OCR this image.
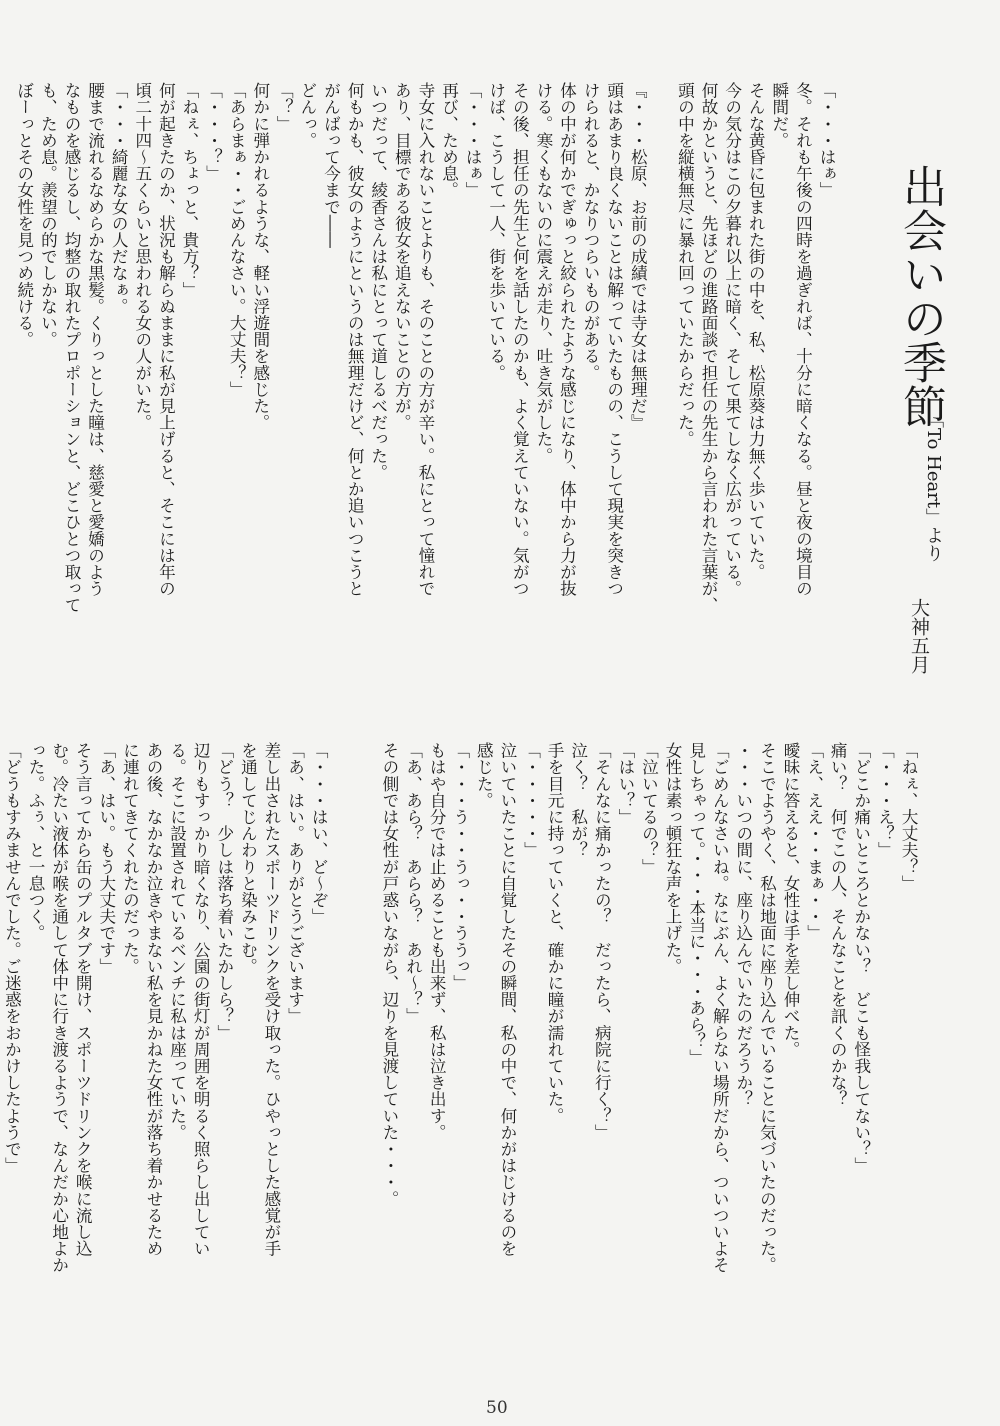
出会いの季節
「To Heart」より
大神五月
「・・・はぁ」
冬。それも午後の四時を過ぎれば、十分に暗くなる。昼と夜の境目の
瞬間だ。
そんな黄昏に包まれた街の中を、私、松原葵は力無く歩いていた。
今の気分はこの夕暮れ以上に暗く、そして果てしなく広がっている。
何故かというと、先ほどの進路面談で担任の先生から言われた言葉が、
頭の中を縦横無尽に暴れ回っていたからだった。

『・・・松原、お前の成績では寺女は無理だ』
頭はあまり良くないことは解っていたものの、こうして現実を突きつ
けられると、かなりつらいものがある。
体の中が何かでぎゅっと絞られたような感じになり、体中から力が抜
ける。寒くもないのに震えが走り、吐き気がした。
その後、担任の先生と何を話したのかも、よく覚えていない。気がつ
けば、こうして一人、街を歩いている。
「・・・はぁ」
再び、ため息。
寺女に入れないことよりも、そのことの方が辛い。私にとって憧れで
あり、目標である彼女を追えないことの方が。
いつだって、綾香さんは私にとって道しるべだった。
何もかも、彼女のようにというのは無理だけど、何とか追いつこうと
がんばって今まで――
どんっ。
「？」
何かに弾かれるような、軽い浮遊間を感じた。
「あらまぁ・・ごめんなさい。大丈夫？」
「・・・？」
「ねぇ、ちょっと、貴方？」
何が起きたのか、状況も解らぬままに私が見上げると、そこには年の
頃二十四～五くらいと思われる女の人がいた。
「・・・綺麗な女の人だなぁ。
腰まで流れるなめらかな黒髪。くりっとした瞳は、慈愛と愛嬌のよう
なものを感じるし、均整の取れたプロポーションと、どこひとつ取って
も、ため息。羨望の的でしかない。
ぼーっとその女性を見つめ続ける。
「ねぇ、大丈夫？」
「・・・え？」
「どこか痛いところとかない？　どこも怪我してない？」
痛い？　何でこの人、そんなことを訊くのかな？
「え、ええ・・まぁ・・」
曖昧に答えると、女性は手を差し伸べた。
そこでようやく、私は地面に座り込んでいることに気づいたのだった。
・・・いつの間に、座り込んでいたのだろうか？
「ごめんなさいね。なにぶん、よく解らない場所だから、ついついよそ
見しちゃって。・・・本当に・・・あら？」
女性は素っ頓狂な声を上げた。
「泣いてるの？」
「はい？」
「そんなに痛かったの？　だったら、病院に行く？」
泣く？　私が？
手を目元に持っていくと、確かに瞳が濡れていた。
「・・・・・」
泣いていたことに自覚したその瞬間、私の中で、何かがはじけるのを
感じた。
「・・・う・・うっ・・ううっ」
もはや自分では止めることも出来ず、私は泣き出す。
「あ、あら？　あらら？　あれ～？」
その側では女性が戸惑いながら、辺りを見渡していた・・・。

「・・・はい、ど～ぞ」
「あ、はい。ありがとうございます」
差し出されたスポーツドリンクを受け取った。ひやっとした感覚が手
を通してじんわりと染みこむ。
「どう？　少しは落ち着いたかしら？」
辺りもすっかり暗くなり、公園の街灯が周囲を明るく照らし出してい
る。そこに設置されているベンチに私は座っていた。
あの後、なかなか泣きやまない私を見かねた女性が落ち着かせるため
に連れてきてくれたのだった。
「あ、はい。もう大丈夫です」
そう言ってから缶のプルタブを開け、スポーツドリンクを喉に流し込
む。冷たい液体が喉を通して体中に行き渡るようで、なんだか心地よか
った。ふぅ、と一息つく。
「どうもすみませんでした。ご迷惑をおかけしたようで」
50
